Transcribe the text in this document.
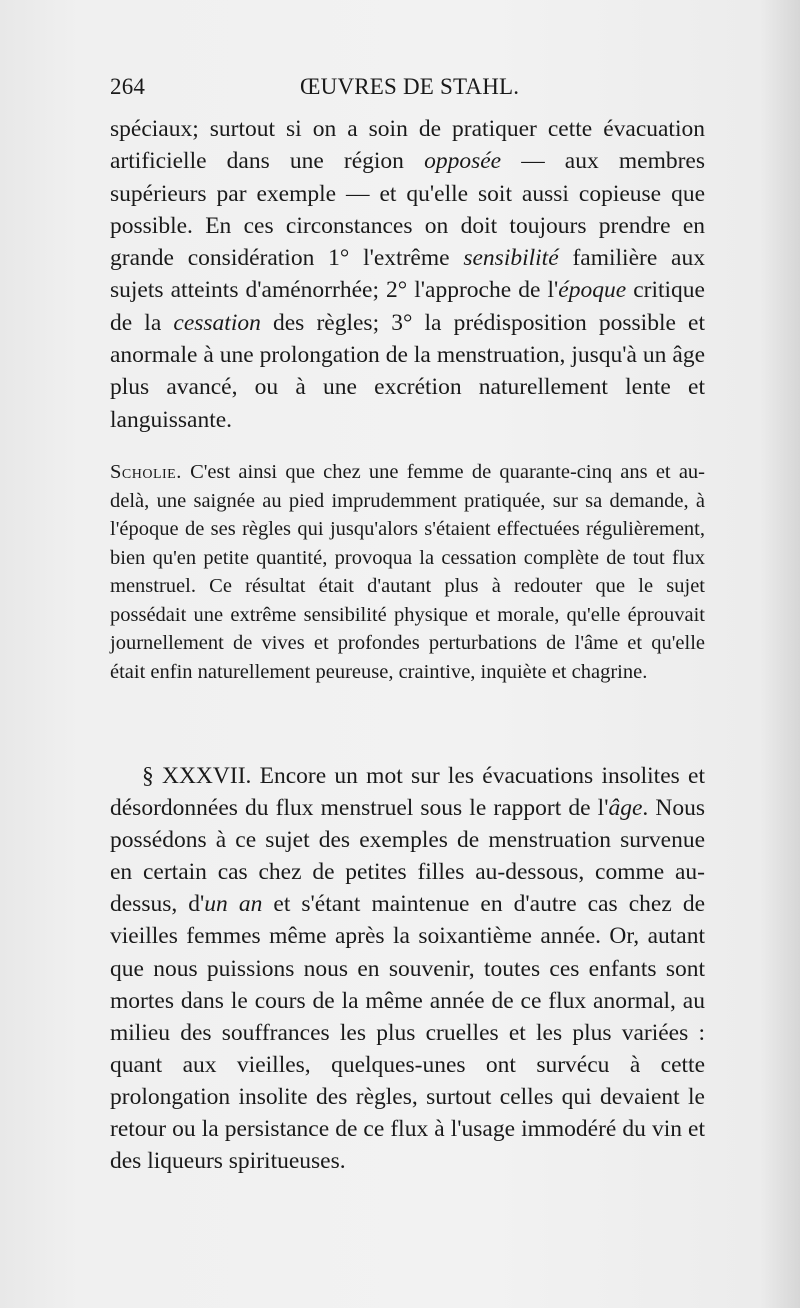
264	ŒUVRES DE STAHL.

spéciaux; surtout si on a soin de pratiquer cette évacuation artificielle dans une région opposée — aux membres supérieurs par exemple — et qu'elle soit aussi copieuse que possible. En ces circonstances on doit toujours prendre en grande considération 1° l'extrême sensibilité familière aux sujets atteints d'aménorrhée; 2° l'approche de l'époque critique de la cessation des règles; 3° la prédisposition possible et anormale à une prolongation de la menstruation, jusqu'à un âge plus avancé, ou à une excrétion naturellement lente et languissante.

Scholie. C'est ainsi que chez une femme de quarante-cinq ans et au-delà, une saignée au pied imprudemment pratiquée, sur sa demande, à l'époque de ses règles qui jusqu'alors s'étaient effectuées régulièrement, bien qu'en petite quantité, provoqua la cessation complète de tout flux menstruel. Ce résultat était d'autant plus à redouter que le sujet possédait une extrême sensibilité physique et morale, qu'elle éprouvait journellement de vives et profondes perturbations de l'âme et qu'elle était enfin naturellement peureuse, craintive, inquiète et chagrine.

§ XXXVII. Encore un mot sur les évacuations insolites et désordonnées du flux menstruel sous le rapport de l'âge. Nous possédons à ce sujet des exemples de menstruation survenue en certain cas chez de petites filles au-dessous, comme au-dessus, d'un an et s'étant maintenue en d'autre cas chez de vieilles femmes même après la soixantième année. Or, autant que nous puissions nous en souvenir, toutes ces enfants sont mortes dans le cours de la même année de ce flux anormal, au milieu des souffrances les plus cruelles et les plus variées : quant aux vieilles, quelques-unes ont survécu à cette prolongation insolite des règles, surtout celles qui devaient le retour ou la persistance de ce flux à l'usage immodéré du vin et des liqueurs spiritueuses.
